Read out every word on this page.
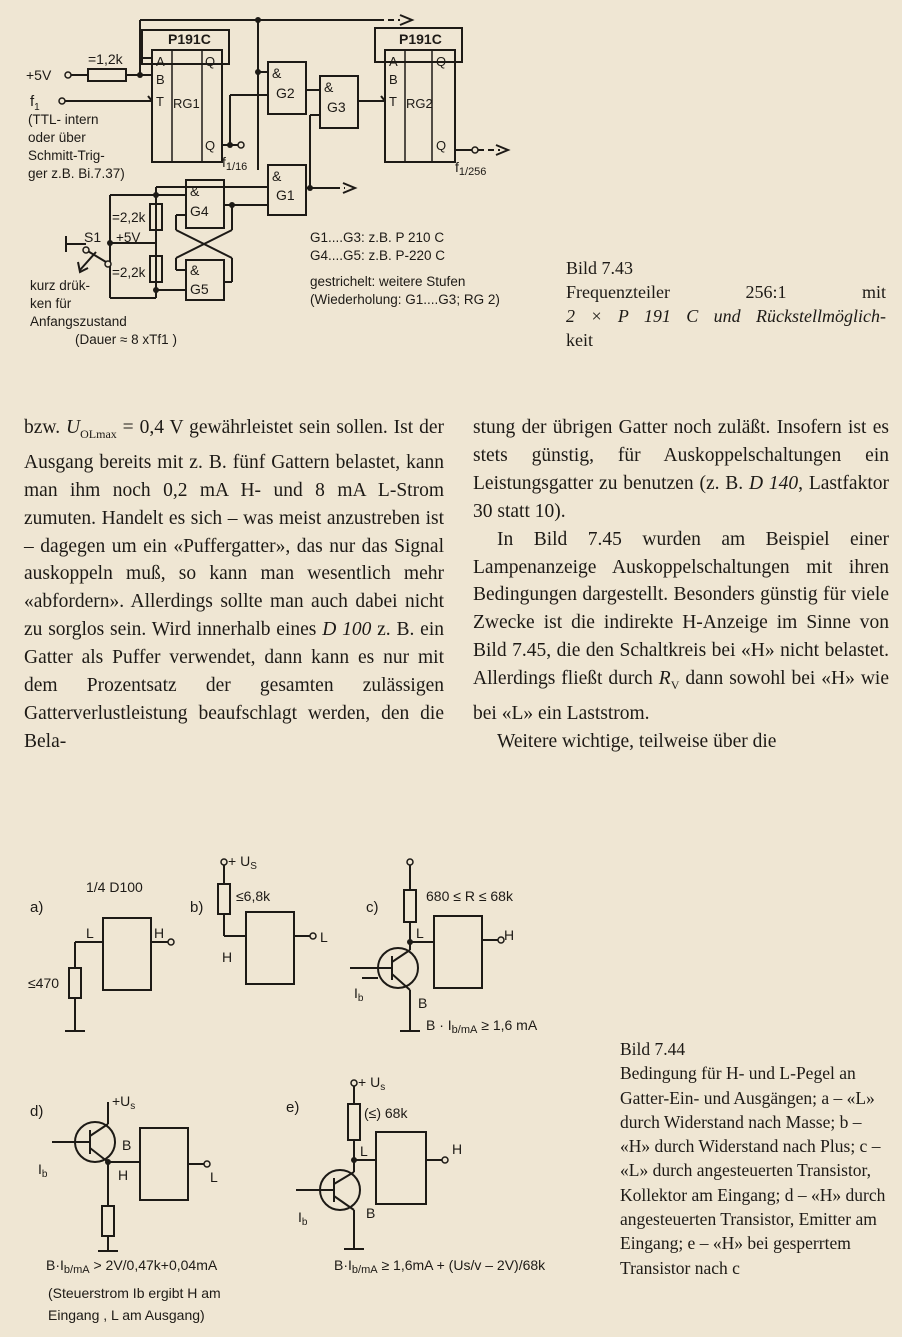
P191C
A
B
T
Q
RG1
Q
P191C
A
B
T RG2
Q
Q
+5V
=1,2k
$f_1$
(TTL- intern
oder über
Schmitt-Trig-
ger z.B. Bi.7.37)
$f_{1/16}$
&
G2 &
G3
$f_{1/256}$
&
G1
&
G4
&
G5
=2,2k
=2,2k
S1 +5V
kurz drük-
ken für
Anfangszustand
(Dauer ≈ 8 xTf1 )
G1....G3: z.B. P 210 C
G4....G5: z.B. P-220 C
gestrichelt: weitere Stufen
(Wiederholung: G1....G3; RG 2)
Bild 7.43
Frequenzteiler 256:1 mit
2 × P 191 C und Rückstellmöglich-
keit

bzw. $U_{OLmax} = 0,4$ V gewährleistet sein sollen. Ist der Ausgang bereits mit z. B. fünf Gattern belastet, kann man ihm noch 0,2 mA H- und 8 mA L-Strom zumuten. Handelt es sich – was meist anzustreben ist – dagegen um ein «Puffergatter», das nur das Signal auskoppeln muß, so kann man wesentlich mehr «abfordern». Allerdings sollte man auch dabei nicht zu sorglos sein. Wird innerhalb eines D 100 z. B. ein Gatter als Puffer verwendet, dann kann es nur mit dem Prozentsatz der gesamten zulässigen Gatterverlustleistung beaufschlagt werden, den die Bela-

stung der übrigen Gatter noch zuläßt. Insofern ist es stets günstig, für Auskoppelschaltungen ein Leistungsgatter zu benutzen (z. B. D 140, Lastfaktor 30 statt 10).

In Bild 7.45 wurden am Beispiel einer Lampenanzeige Auskoppelschaltungen mit ihren Bedingungen dargestellt. Besonders günstig für viele Zwecke ist die indirekte H-Anzeige im Sinne von Bild 7.45, die den Schaltkreis bei «H» nicht belastet. Allerdings fließt durch $R_V$ dann sowohl bei «H» wie bei «L» ein Laststrom.

Weitere wichtige, teilweise über die

a)
1/4 D100
L	H
≤470
b)
+ $U_S$
≤6,8k
H
L
c)
680 ≤ R ≤ 68k
L	H
$I_b$	B
$B \cdot I_{b/mA} \ge 1,6$ mA
d)
$+U_s$
$I_b$
B
H	L
$B\cdot I_{b/mA} > 2V/0,47k+0,04mA$
(Steuerstrom Ib ergibt H am
Eingang , L am Ausgang)
e)
+ $U_s$
(≤) 68k
L	H
$I_b$
B
$B\cdot I_{b/mA} \ge 1,6mA + (Us/v - 2V)/68k$
Bild 7.44
Bedingung für H- und L-Pegel an Gatter-Ein- und Ausgängen; a – «L» durch Widerstand nach Masse; b – «H» durch Widerstand nach Plus; c – «L» durch angesteuerten Transistor, Kollektor am Eingang; d – «H» durch angesteuerten Transistor, Emitter am Eingang; e – «H» bei gesperrtem Transistor nach c
